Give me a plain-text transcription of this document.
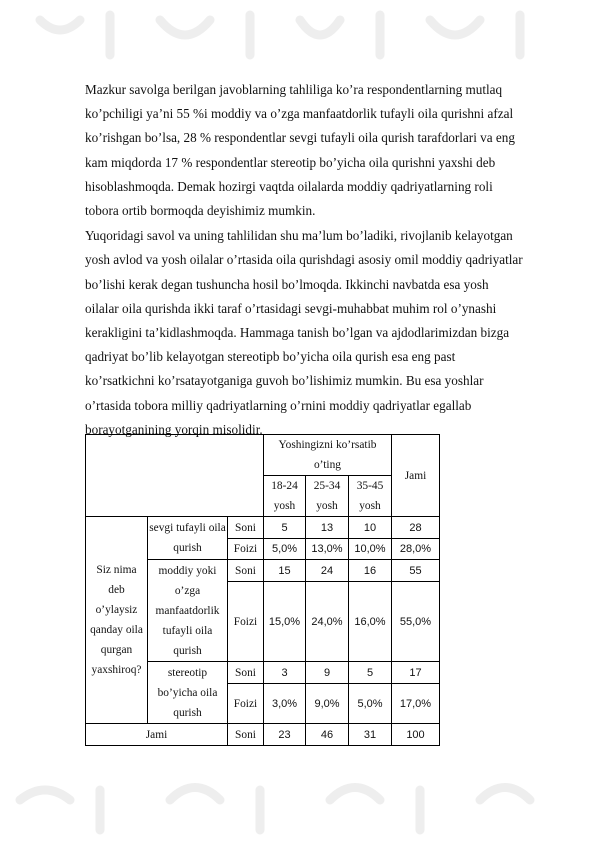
Mazkur savolga berilgan javoblarning tahliliga ko’ra respondentlarning mutlaq
ko’pchiligi ya’ni 55 %i moddiy va o’zga manfaatdorlik tufayli oila qurishni afzal
ko’rishgan bo’lsa, 28 % respondentlar sevgi tufayli oila qurish tarafdorlari va eng
kam miqdorda 17 % respondentlar stereotip bo’yicha oila qurishni yaxshi deb
hisoblashmoqda. Demak hozirgi vaqtda oilalarda moddiy qadriyatlarning roli
tobora ortib bormoqda deyishimiz mumkin.

Yuqoridagi savol va uning tahlilidan shu ma’lum bo’ladiki, rivojlanib kelayotgan
yosh avlod va yosh oilalar o’rtasida oila qurishdagi asosiy omil moddiy qadriyatlar
bo’lishi kerak degan tushuncha hosil bo’lmoqda. Ikkinchi navbatda esa yosh
oilalar oila qurishda ikki taraf o’rtasidagi sevgi-muhabbat muhim rol o’ynashi
kerakligini ta’kidlashmoqda. Hammaga tanish bo’lgan va ajdodlarimizdan bizga
qadriyat bo’lib kelayotgan stereotipb bo’yicha oila qurish esa eng past
ko’rsatkichni ko’rsatayotganiga guvoh bo’lishimiz mumkin. Bu esa yoshlar
o’rtasida tobora milliy qadriyatlarning o’rnini moddiy qadriyatlar egallab
borayotganining yorqin misolidir.

			Yoshingizni ko’rsatib o’ting			Jami
			18-24 yosh	25-34 yosh	35-45 yosh	
Siz nima deb o’ylaysiz qanday oila qurgan yaxshiroq?	sevgi tufayli oila qurish	Soni	5	13	10	28
		Foizi	5,0%	13,0%	10,0%	28,0%
	moddiy yoki o’zga manfaatdorlik tufayli oila qurish	Soni	15	24	16	55
		Foizi	15,0%	24,0%	16,0%	55,0%
	stereotip bo’yicha oila qurish	Soni	3	9	5	17
		Foizi	3,0%	9,0%	5,0%	17,0%
Jami		Soni	23	46	31	100
